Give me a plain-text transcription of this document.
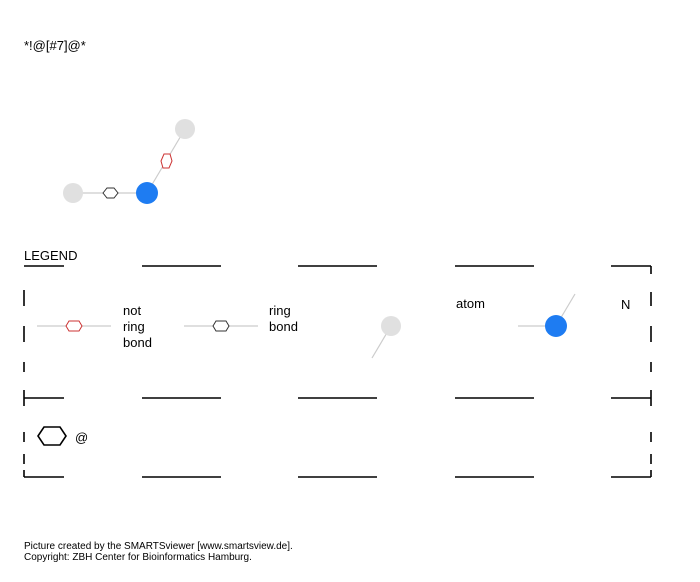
*!@[#7]@*
LEGEND
not
ring
bond
ring
bond
atom	N
@
Picture created by the SMARTSviewer [www.smartsview.de].
Copyright: ZBH Center for Bioinformatics Hamburg.
